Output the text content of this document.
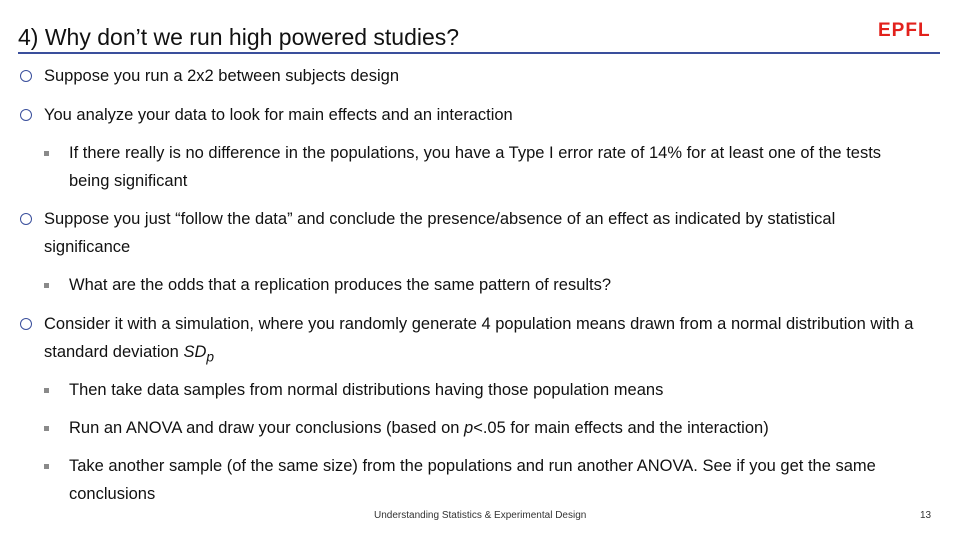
4) Why don’t we run high powered studies?	EPFL
Suppose you run a 2x2 between subjects design
You analyze your data to look for main effects and an interaction
If there really is no difference in the populations, you have a Type I error rate of 14% for at least one of the tests being significant
Suppose you just “follow the data” and conclude the presence/absence of an effect as indicated by statistical significance
What are the odds that a replication produces the same pattern of results?
Consider it with a simulation, where you randomly generate 4 population means drawn from a normal distribution with a standard deviation $SD_p$
Then take data samples from normal distributions having those population means
Run an ANOVA and draw your conclusions (based on p<.05 for main effects and the interaction)
Take another sample (of the same size) from the populations and run another ANOVA. See if you get the same conclusions
Understanding Statistics & Experimental Design	13
